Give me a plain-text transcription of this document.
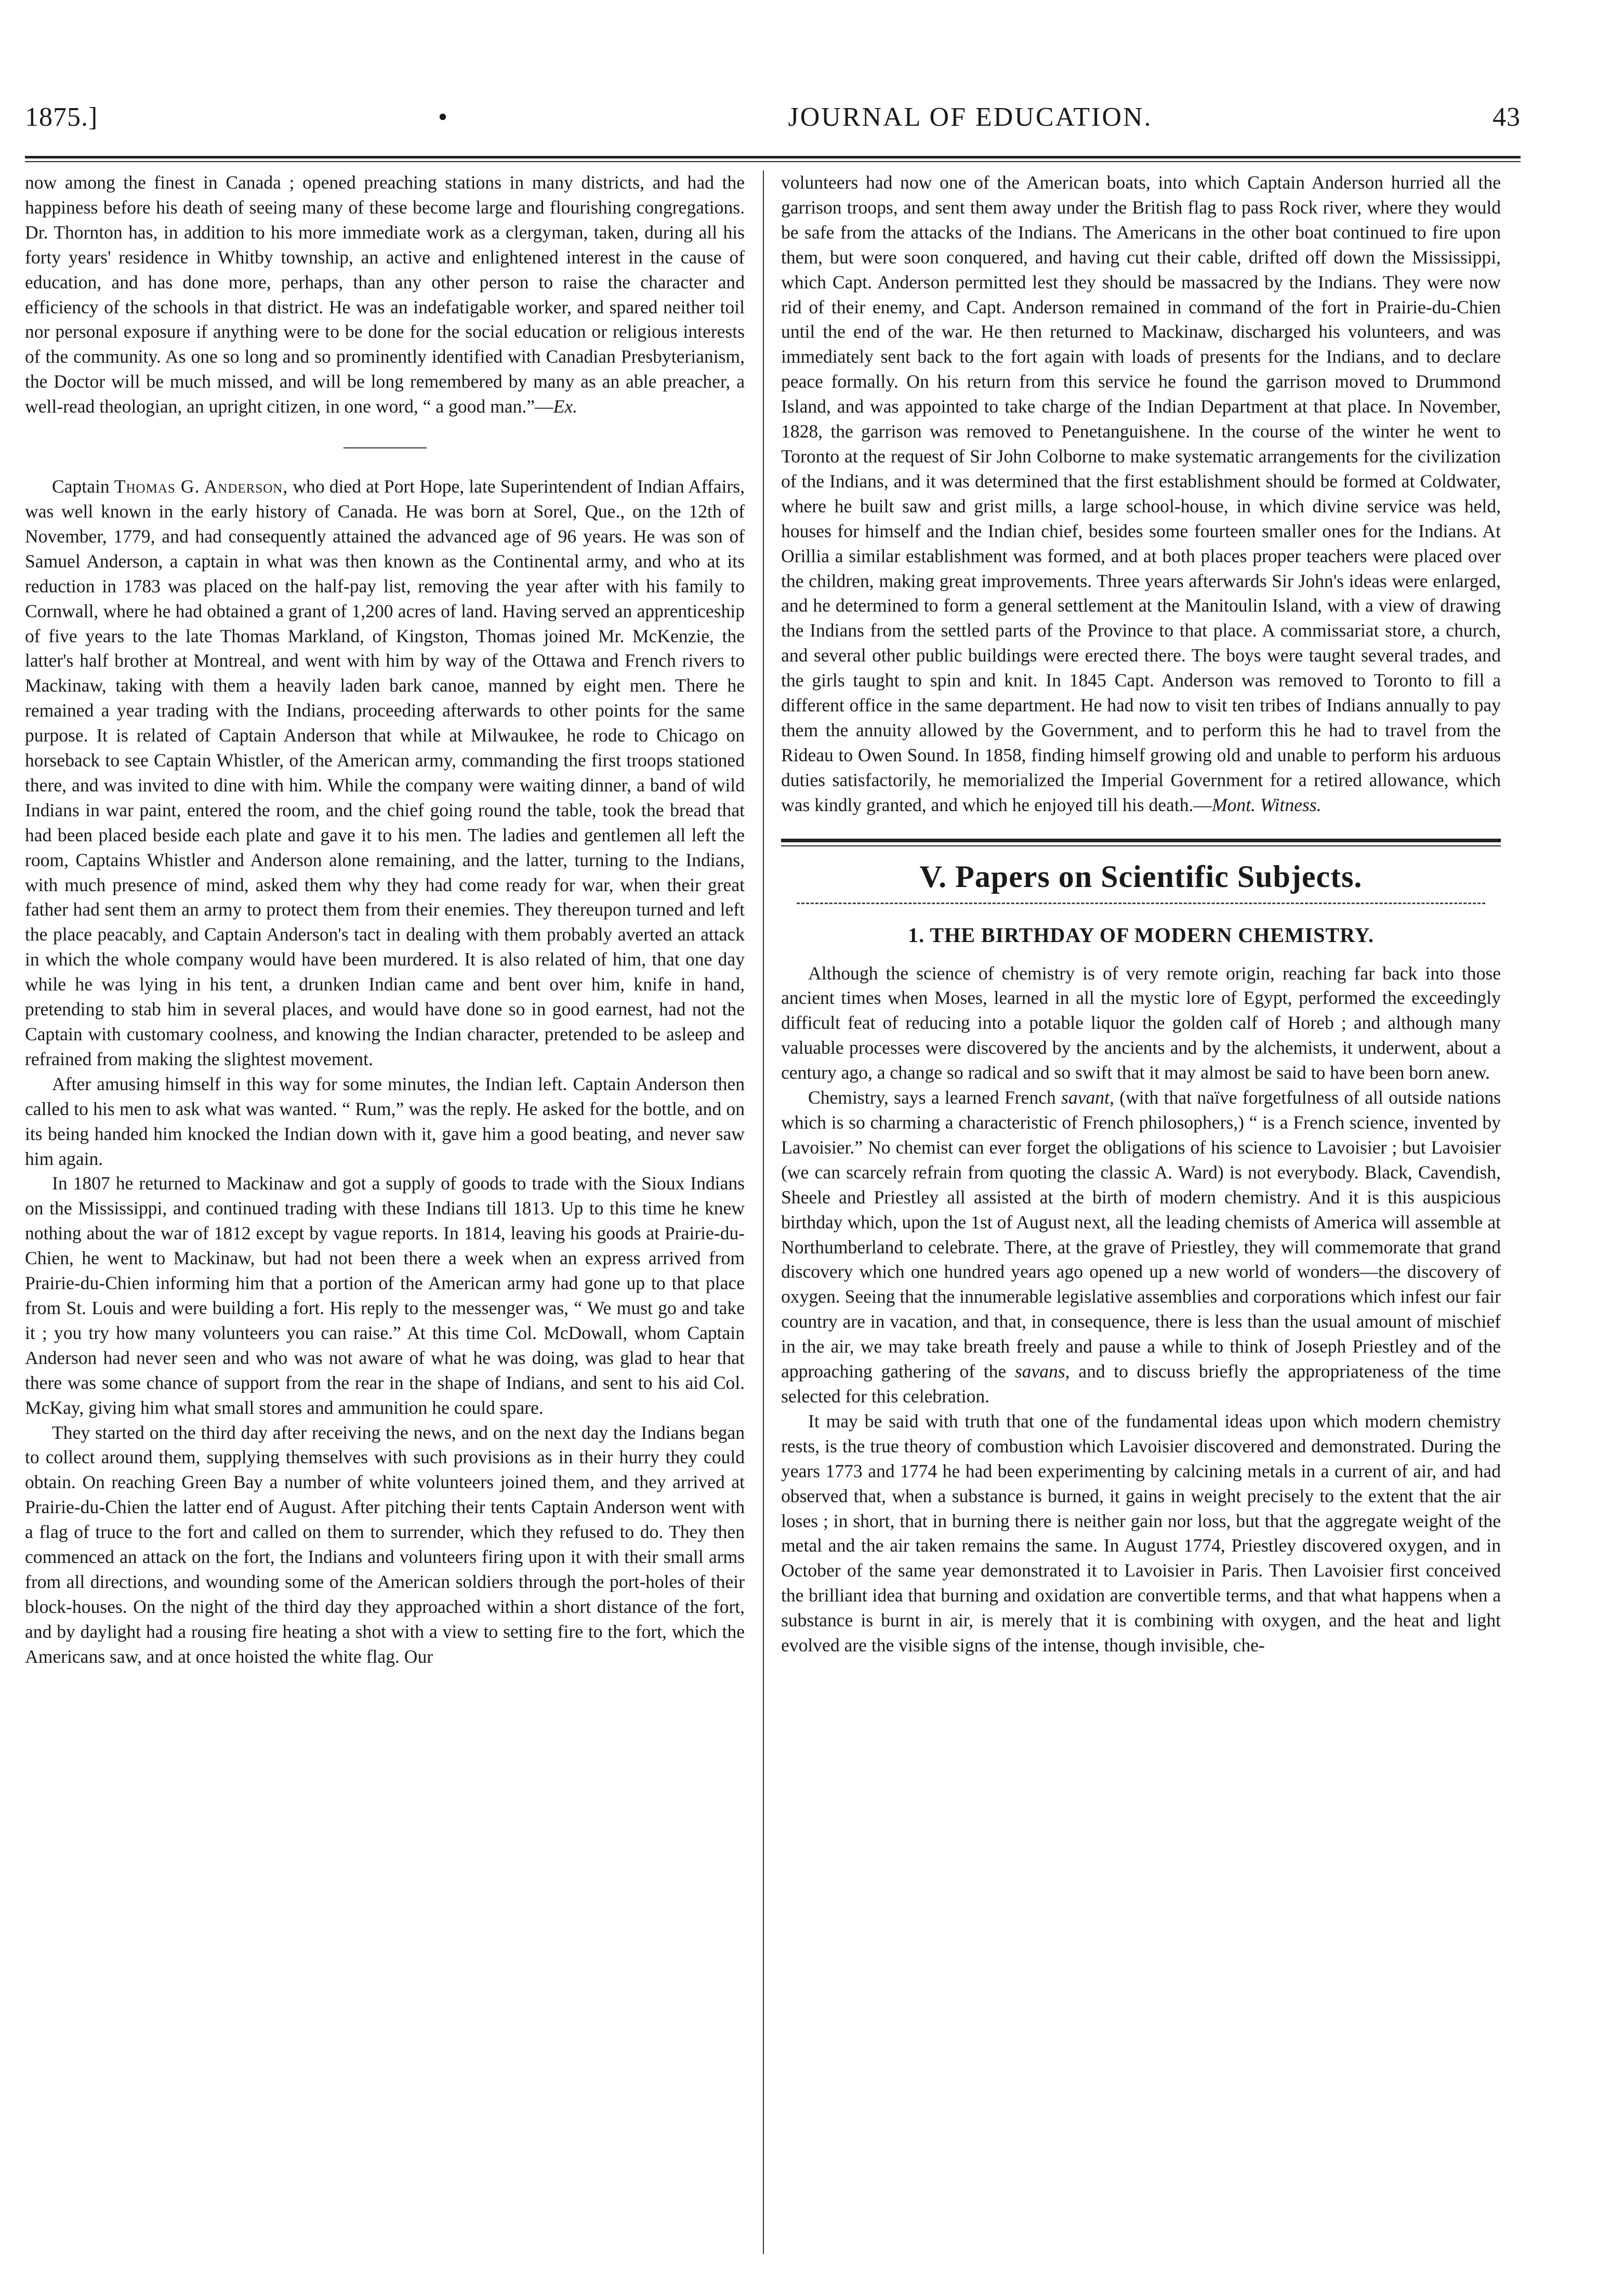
1875.]	•	JOURNAL OF EDUCATION.	43

now among the finest in Canada ; opened preaching stations in many districts, and had the happiness before his death of seeing many of these become large and flourishing congregations. Dr. Thornton has, in addition to his more immediate work as a clergyman, taken, during all his forty years' residence in Whitby township, an active and enlightened interest in the cause of education, and has done more, perhaps, than any other person to raise the character and efficiency of the schools in that district. He was an indefatigable worker, and spared neither toil nor personal exposure if anything were to be done for the social education or religious interests of the community. As one so long and so prominently identified with Canadian Presbyterianism, the Doctor will be much missed, and will be long remembered by many as an able preacher, a well-read theologian, an upright citizen, in one word, “ a good man.”—Ex.

Captain Thomas G. Anderson, who died at Port Hope, late Superintendent of Indian Affairs, was well known in the early history of Canada. He was born at Sorel, Que., on the 12th of November, 1779, and had consequently attained the advanced age of 96 years. He was son of Samuel Anderson, a captain in what was then known as the Continental army, and who at its reduction in 1783 was placed on the half-pay list, removing the year after with his family to Cornwall, where he had obtained a grant of 1,200 acres of land. Having served an apprenticeship of five years to the late Thomas Markland, of Kingston, Thomas joined Mr. McKenzie, the latter's half brother at Montreal, and went with him by way of the Ottawa and French rivers to Mackinaw, taking with them a heavily laden bark canoe, manned by eight men. There he remained a year trading with the Indians, proceeding afterwards to other points for the same purpose. It is related of Captain Anderson that while at Milwaukee, he rode to Chicago on horseback to see Captain Whistler, of the American army, commanding the first troops stationed there, and was invited to dine with him. While the company were waiting dinner, a band of wild Indians in war paint, entered the room, and the chief going round the table, took the bread that had been placed beside each plate and gave it to his men. The ladies and gentlemen all left the room, Captains Whistler and Anderson alone remaining, and the latter, turning to the Indians, with much presence of mind, asked them why they had come ready for war, when their great father had sent them an army to protect them from their enemies. They thereupon turned and left the place peacably, and Captain Anderson's tact in dealing with them probably averted an attack in which the whole company would have been murdered. It is also related of him, that one day while he was lying in his tent, a drunken Indian came and bent over him, knife in hand, pretending to stab him in several places, and would have done so in good earnest, had not the Captain with customary coolness, and knowing the Indian character, pretended to be asleep and refrained from making the slightest movement.

After amusing himself in this way for some minutes, the Indian left. Captain Anderson then called to his men to ask what was wanted. “ Rum,” was the reply. He asked for the bottle, and on its being handed him knocked the Indian down with it, gave him a good beating, and never saw him again.

In 1807 he returned to Mackinaw and got a supply of goods to trade with the Sioux Indians on the Mississippi, and continued trading with these Indians till 1813. Up to this time he knew nothing about the war of 1812 except by vague reports. In 1814, leaving his goods at Prairie-du-Chien, he went to Mackinaw, but had not been there a week when an express arrived from Prairie-du-Chien informing him that a portion of the American army had gone up to that place from St. Louis and were building a fort. His reply to the messenger was, “ We must go and take it ; you try how many volunteers you can raise.” At this time Col. McDowall, whom Captain Anderson had never seen and who was not aware of what he was doing, was glad to hear that there was some chance of support from the rear in the shape of Indians, and sent to his aid Col. McKay, giving him what small stores and ammunition he could spare.

They started on the third day after receiving the news, and on the next day the Indians began to collect around them, supplying themselves with such provisions as in their hurry they could obtain. On reaching Green Bay a number of white volunteers joined them, and they arrived at Prairie-du-Chien the latter end of August. After pitching their tents Captain Anderson went with a flag of truce to the fort and called on them to surrender, which they refused to do. They then commenced an attack on the fort, the Indians and volunteers firing upon it with their small arms from all directions, and wounding some of the American soldiers through the port-holes of their block-houses. On the night of the third day they approached within a short distance of the fort, and by daylight had a rousing fire heating a shot with a view to setting fire to the fort, which the Americans saw, and at once hoisted the white flag. Our

volunteers had now one of the American boats, into which Captain Anderson hurried all the garrison troops, and sent them away under the British flag to pass Rock river, where they would be safe from the attacks of the Indians. The Americans in the other boat continued to fire upon them, but were soon conquered, and having cut their cable, drifted off down the Mississippi, which Capt. Anderson permitted lest they should be massacred by the Indians. They were now rid of their enemy, and Capt. Anderson remained in command of the fort in Prairie-du-Chien until the end of the war. He then returned to Mackinaw, discharged his volunteers, and was immediately sent back to the fort again with loads of presents for the Indians, and to declare peace formally. On his return from this service he found the garrison moved to Drummond Island, and was appointed to take charge of the Indian Department at that place. In November, 1828, the garrison was removed to Penetanguishene. In the course of the winter he went to Toronto at the request of Sir John Colborne to make systematic arrangements for the civilization of the Indians, and it was determined that the first establishment should be formed at Coldwater, where he built saw and grist mills, a large school-house, in which divine service was held, houses for himself and the Indian chief, besides some fourteen smaller ones for the Indians. At Orillia a similar establishment was formed, and at both places proper teachers were placed over the children, making great improvements. Three years afterwards Sir John's ideas were enlarged, and he determined to form a general settlement at the Manitoulin Island, with a view of drawing the Indians from the settled parts of the Province to that place. A commissariat store, a church, and several other public buildings were erected there. The boys were taught several trades, and the girls taught to spin and knit. In 1845 Capt. Anderson was removed to Toronto to fill a different office in the same department. He had now to visit ten tribes of Indians annually to pay them the annuity allowed by the Government, and to perform this he had to travel from the Rideau to Owen Sound. In 1858, finding himself growing old and unable to perform his arduous duties satisfactorily, he memorialized the Imperial Government for a retired allowance, which was kindly granted, and which he enjoyed till his death.—Mont. Witness.

V. Papers on Scientific Subjects.
1. THE BIRTHDAY OF MODERN CHEMISTRY.

Although the science of chemistry is of very remote origin, reaching far back into those ancient times when Moses, learned in all the mystic lore of Egypt, performed the exceedingly difficult feat of reducing into a potable liquor the golden calf of Horeb ; and although many valuable processes were discovered by the ancients and by the alchemists, it underwent, about a century ago, a change so radical and so swift that it may almost be said to have been born anew.

Chemistry, says a learned French savant, (with that naïve forgetfulness of all outside nations which is so charming a characteristic of French philosophers,) “ is a French science, invented by Lavoisier.” No chemist can ever forget the obligations of his science to Lavoisier ; but Lavoisier (we can scarcely refrain from quoting the classic A. Ward) is not everybody. Black, Cavendish, Sheele and Priestley all assisted at the birth of modern chemistry. And it is this auspicious birthday which, upon the 1st of August next, all the leading chemists of America will assemble at Northumberland to celebrate. There, at the grave of Priestley, they will commemorate that grand discovery which one hundred years ago opened up a new world of wonders—the discovery of oxygen. Seeing that the innumerable legislative assemblies and corporations which infest our fair country are in vacation, and that, in consequence, there is less than the usual amount of mischief in the air, we may take breath freely and pause a while to think of Joseph Priestley and of the approaching gathering of the savans, and to discuss briefly the appropriateness of the time selected for this celebration.

It may be said with truth that one of the fundamental ideas upon which modern chemistry rests, is the true theory of combustion which Lavoisier discovered and demonstrated. During the years 1773 and 1774 he had been experimenting by calcining metals in a current of air, and had observed that, when a substance is burned, it gains in weight precisely to the extent that the air loses ; in short, that in burning there is neither gain nor loss, but that the aggregate weight of the metal and the air taken remains the same. In August 1774, Priestley discovered oxygen, and in October of the same year demonstrated it to Lavoisier in Paris. Then Lavoisier first conceived the brilliant idea that burning and oxidation are convertible terms, and that what happens when a substance is burnt in air, is merely that it is combining with oxygen, and the heat and light evolved are the visible signs of the intense, though invisible, che-
